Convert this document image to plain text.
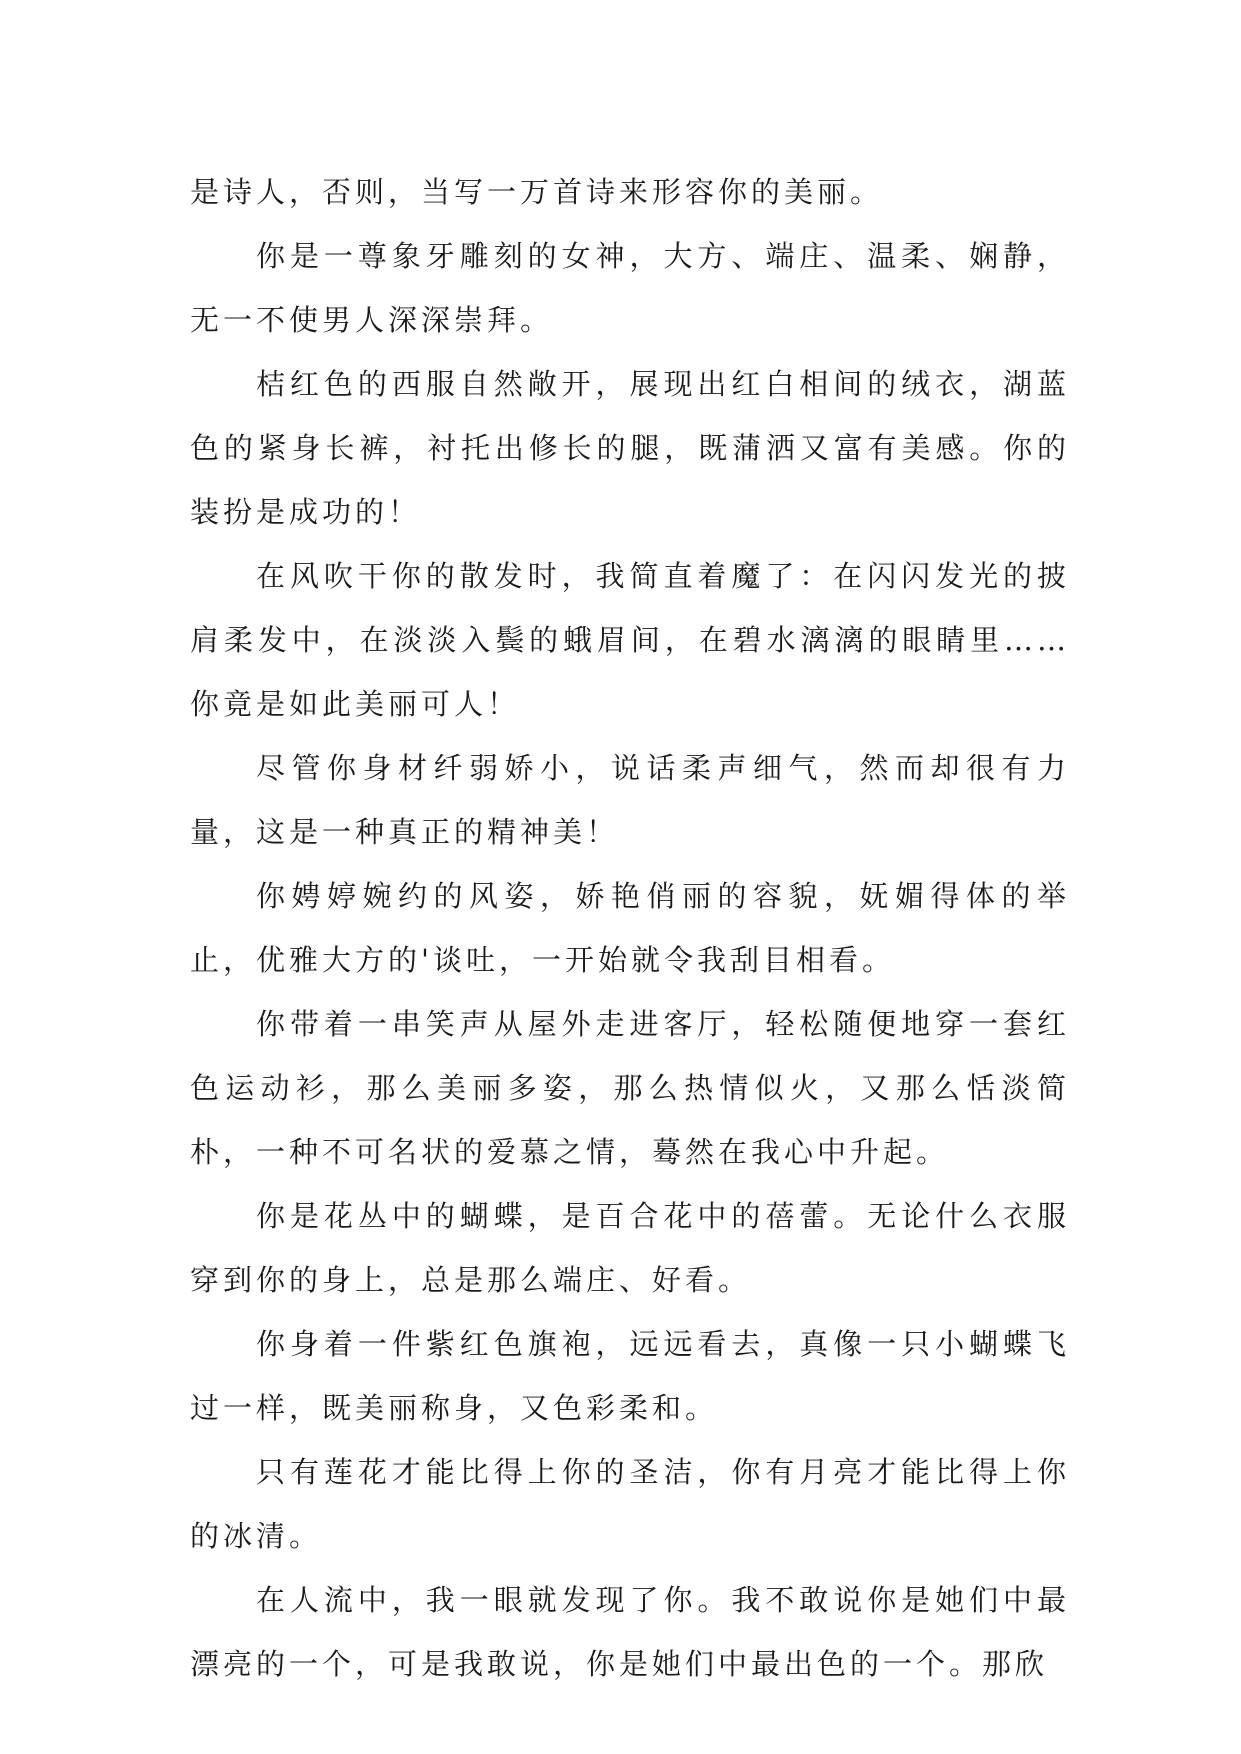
是诗人，否则，当写一万首诗来形容你的美丽。

你是一尊象牙雕刻的女神，大方、端庄、温柔、娴静，无一不使男人深深崇拜。

桔红色的西服自然敞开，展现出红白相间的绒衣，湖蓝色的紧身长裤，衬托出修长的腿，既蒲洒又富有美感。你的装扮是成功的！

在风吹干你的散发时，我简直着魔了：在闪闪发光的披肩柔发中，在淡淡入鬓的蛾眉间，在碧水漓漓的眼睛里……你竟是如此美丽可人！

尽管你身材纤弱娇小，说话柔声细气，然而却很有力量，这是一种真正的精神美！

你娉婷婉约的风姿，娇艳俏丽的容貌，妩媚得体的举止，优雅大方的'谈吐，一开始就令我刮目相看。

你带着一串笑声从屋外走进客厅，轻松随便地穿一套红色运动衫，那么美丽多姿，那么热情似火，又那么恬淡简朴，一种不可名状的爱慕之情，蓦然在我心中升起。

你是花丛中的蝴蝶，是百合花中的蓓蕾。无论什么衣服穿到你的身上，总是那么端庄、好看。

你身着一件紫红色旗袍，远远看去，真像一只小蝴蝶飞过一样，既美丽称身，又色彩柔和。

只有莲花才能比得上你的圣洁，你有月亮才能比得上你的冰清。

在人流中，我一眼就发现了你。我不敢说你是她们中最漂亮的一个，可是我敢说，你是她们中最出色的一个。那欣
